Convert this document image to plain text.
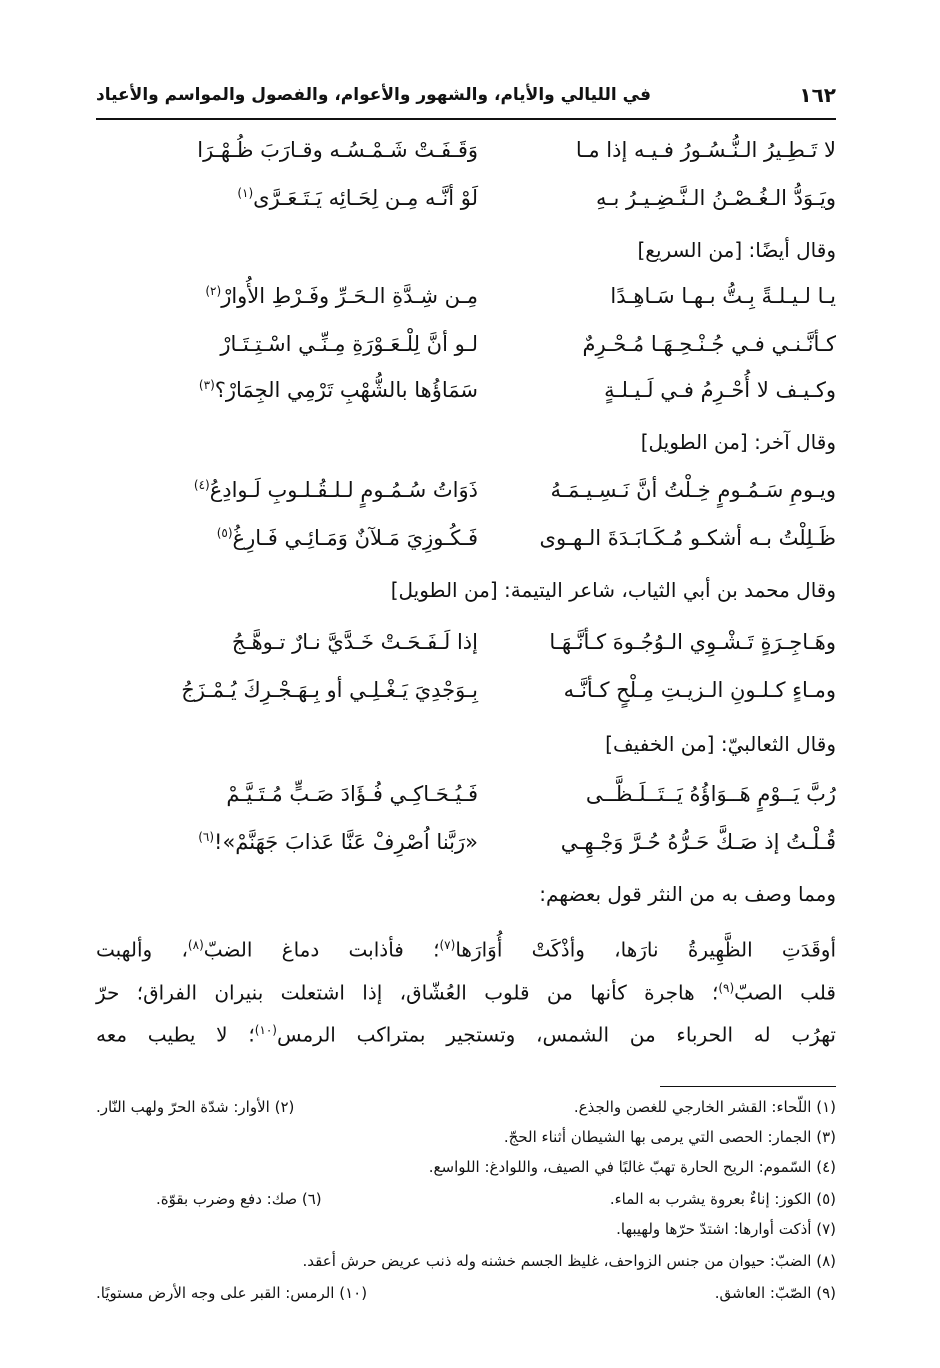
١٦٢
في الليالي والأيام، والشهور والأعوام، والفصول والمواسم والأعياد
لا تَـطِـيرُ الـنُّـسُـورُ فـيـه إذا مـا
وَقَـفَـتْ شَـمْـسُـه وقـارَبَ ظُـهْـرَا
ويَـوَدُّ الـغُـصْـنُ الـنَّـضِـيـرُ بـهِ
لَوْ أنَّـه مِـن لِحَـائِه يَـتَـعَـرَّى$^{(١)}$
وقال أيضًا: [من السريع]
يـا لـيـلـةً بِـتُّ بـهـا سَـاهِـدًا
مِـن شِـدَّةِ الـحَـرِّ وفَـرْطِ الأُوارْ$^{(٢)}$
كـأنَّـنـي فـي جُـنْـحِـهَـا مُـحْـرِمٌ
لـو أنَّ لِلْـعَـوْرَةِ مِـنِّـي اسْـتِـتَـارْ
وكـيـف لا أُحْـرِمُ فـي لَـيـلـةٍ
سَمَاؤُها بالشُّهْبِ تَرْمِي الجِمَارْ؟$^{(٣)}$
وقال آخر: [من الطويل]
ويـومِ سَـمُـومٍ خِـلْتُ أنَّ نَـسِـيـمَـهُ
ذَوَاتُ سُـمُـومٍ لـلـقُـلـوبِ لَـوادِعُ$^{(٤)}$
ظَـلِلْتُ بـه أشكـو مُـكَـابَـدَةَ الـهـوى
فَـكُـوزِيَ مَـلآنٌ وَمَـائِـي فَـارِغُ$^{(٥)}$
وقال محمد بن أبي الثياب، شاعر اليتيمة: [من الطويل]
وهَـاجِـرَةٍ تَـشْـوِي الـوُجُـوهَ كـأنَّـهَـا
إذا لَـفَـحَـتْ خَـدَّيَّ نـارٌ تـوهَّـجُ
ومـاءٍ كـلـونِ الـزيـتِ مِـلْحٍ كـأنَّـه
بِـوَجْدِيَ يَـغْـلِـي أو بِـهَـجْـرِكَ يُـمْـزَجُ
وقال الثعالبيّ: [من الخفيف]
رُبَّ يَــوْمٍ هَــوَاؤُهُ يَــتَــلَـظَّــى
فَـيُـحَـاكِـي فُـؤَادَ صَـبٍّ مُـتَـيَّـمْ
قُـلْـتُ إذ صَـكَّ حَـرُّهُ حُـرَّ وَجْـهِـي
«رَبَّنا اُصْرِفْ عَنَّا عَذابَ جَهَنَّمْ»!$^{(٦)}$
ومما وصف به من النثر قول بعضهم:
أوقَدَتِ الظَّهِيرةُ نارَها، وأذْكَتْ أُوَارَها$^{(٧)}$؛ فأذابت دماغ الضبّ$^{(٨)}$، وألهبت
قلب الصبّ$^{(٩)}$؛ هاجرة كأنها من قلوب العُشّاق، إذا اشتعلت بنيران الفراق؛ حرّ
تهرُب له الحرباء من الشمس، وتستجير بمتراكب الرمس$^{(١٠)}$؛ لا يطيب معه
(١) اللّحاء: القشر الخارجي للغصن والجذع.
(٢) الأوار: شدّة الحرّ ولهب النّار.
(٣) الجمار: الحصى التي يرمى بها الشيطان أثناء الحجّ.
(٤) السّموم: الريح الحارة تهبّ غالبًا في الصيف، واللوادغ: اللواسع.
(٥) الكوز: إناءٌ بعروة يشرب به الماء.
(٦) صك: دفع وضرب بقوّة.
(٧) أذكت أوارها: اشتدّ حرّها ولهيبها.
(٨) الضبّ: حيوان من جنس الزواحف، غليظ الجسم خشنه وله ذنب عريض حرش أعقد.
(٩) الصّبّ: العاشق.
(١٠) الرمس: القبر على وجه الأرض مستويًا.
